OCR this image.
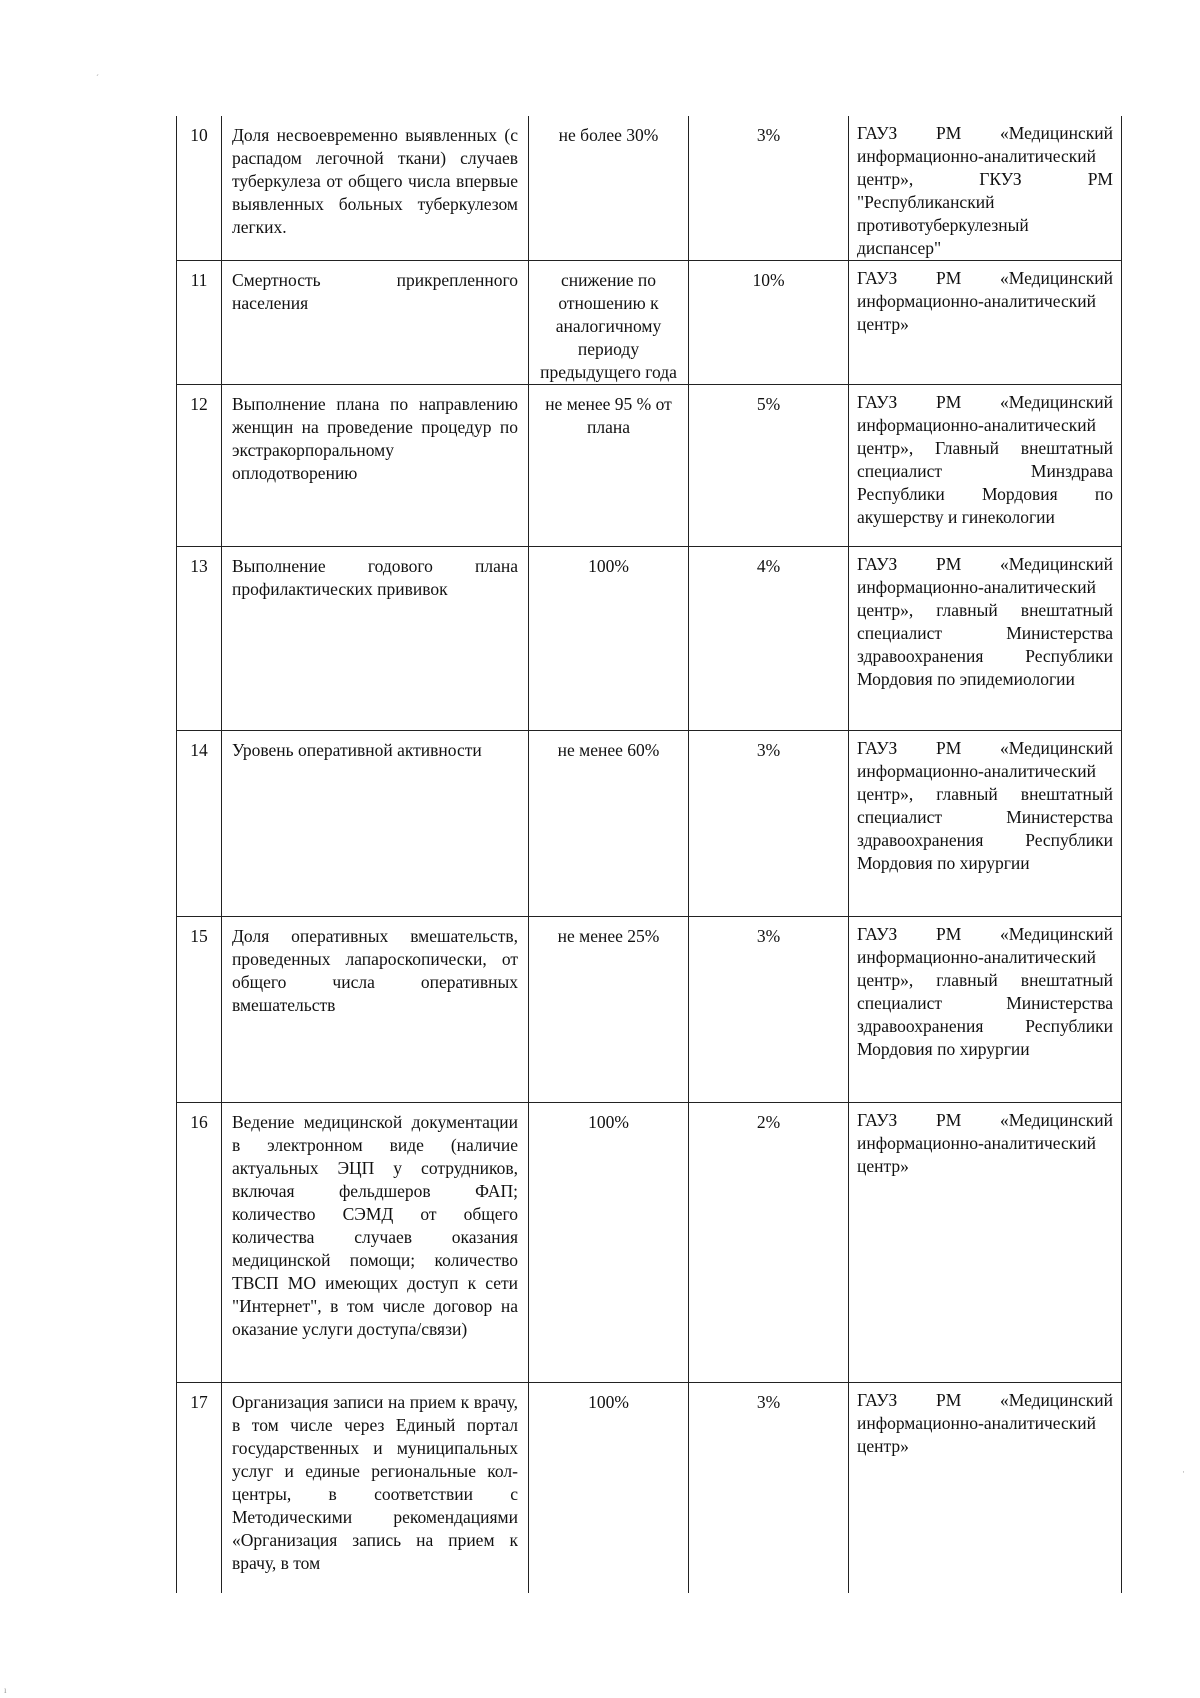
´
·
ı
10	Доля несвоевременно выявленных (с распадом легочной ткани) случаев туберкулеза от общего числа впервые выявленных больных туберкулезом легких.	не более 30%	3%	ГАУЗ РМ «Медицинский информационно-аналитический центр», ГКУЗ РМ "Республиканский противотуберкулезный диспансер"
11	Смертность прикрепленного населения	снижение по отношению к аналогичному периоду предыдущего года	10%	ГАУЗ РМ «Медицинский информационно-аналитический центр»
12	Выполнение плана по направлению женщин на проведение процедур по экстракорпоральному оплодотворению	не менее 95 % от плана	5%	ГАУЗ РМ «Медицинский информационно-аналитический центр», Главный внештатный специалист Минздрава Республики Мордовия по акушерству и гинекологии
13	Выполнение годового плана профилактических прививок	100%	4%	ГАУЗ РМ «Медицинский информационно-аналитический центр», главный внештатный специалист Министерства здравоохранения Республики Мордовия по эпидемиологии
14	Уровень оперативной активности	не менее 60%	3%	ГАУЗ РМ «Медицинский информационно-аналитический центр», главный внештатный специалист Министерства здравоохранения Республики Мордовия по хирургии
15	Доля оперативных вмешательств, проведенных лапароскопически, от общего числа оперативных вмешательств	не менее 25%	3%	ГАУЗ РМ «Медицинский информационно-аналитический центр», главный внештатный специалист Министерства здравоохранения Республики Мордовия по хирургии
16	Ведение медицинской документации в электронном виде (наличие актуальных ЭЦП у сотрудников, включая фельдшеров ФАП; количество СЭМД от общего количества случаев оказания медицинской помощи; количество ТВСП МО имеющих доступ к сети "Интернет", в том числе договор на оказание услуги доступа/связи)	100%	2%	ГАУЗ РМ «Медицинский информационно-аналитический центр»
17	Организация записи на прием к врачу, в том числе через Единый портал государственных и муниципальных услуг и единые региональные кол-центры, в соответствии с Методическими рекомендациями «Организация запись на прием к врачу, в том	100%	3%	ГАУЗ РМ «Медицинский информационно-аналитический центр»
